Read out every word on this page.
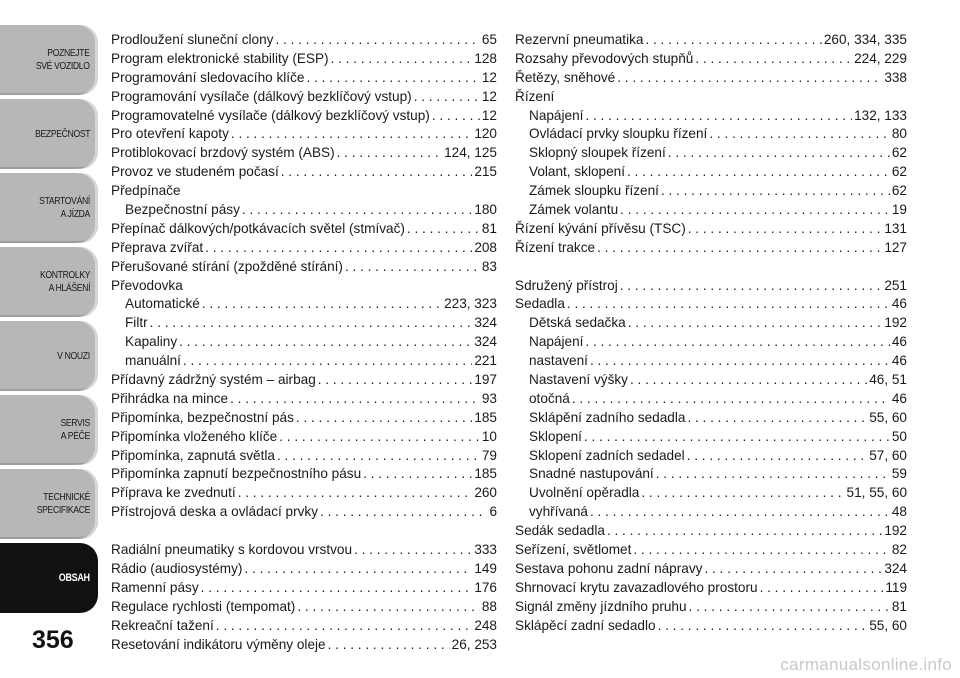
POZNEJTE
SVÉ VOZIDLO
BEZPEČNOST
STARTOVÁNÍ
A JÍZDA
KONTROLKY
A HLÁŠENÍ
V NOUZI
SERVIS
A PÉČE
TECHNICKÉ
SPECIFIKACE
OBSAH
356
Prodloužení sluneční clony . . .	65
Program elektronické stability (ESP) . . .	128
Programování sledovacího klíče . . .	12
Programování vysílače (dálkový bezklíčový vstup) . . .	12
Programovatelné vysílače (dálkový bezklíčový vstup) . . .	12
Pro otevření kapoty . . .	120
Protiblokovací brzdový systém (ABS) . . .	124, 125
Provoz ve studeném počasí . . .	215
Předpínače
Bezpečnostní pásy . . .	180
Přepínač dálkových/potkávacích světel (stmívač) . . .	81
Přeprava zvířat . . .	208
Přerušované stírání (zpožděné stírání) . . .	83
Převodovka
Automatické . . .	223, 323
Filtr . . .	324
Kapaliny . . .	324
manuální . . .	221
Přídavný zádržný systém – airbag . . .	197
Přihrádka na mince . . .	93
Připomínka, bezpečnostní pás . . .	185
Připomínka vloženého klíče . . .	10
Připomínka, zapnutá světla . . .	79
Připomínka zapnutí bezpečnostního pásu . . .	185
Příprava ke zvednutí . . .	260
Přístrojová deska a ovládací prvky . . .	6
Radiální pneumatiky s kordovou vrstvou . . .	333
Rádio (audiosystémy) . . .	149
Ramenní pásy . . .	176
Regulace rychlosti (tempomat) . . .	88
Rekreační tažení . . .	248
Resetování indikátoru výměny oleje . . .	26, 253
Rezervní pneumatika . . .	260, 334, 335
Rozsahy převodových stupňů . . .	224, 229
Řetězy, sněhové . . .	338
Řízení
Napájení . . .	132, 133
Ovládací prvky sloupku řízení . . .	80
Sklopný sloupek řízení . . .	62
Volant, sklopení . . .	62
Zámek sloupku řízení . . .	62
Zámek volantu . . .	19
Řízení kývání přívěsu (TSC) . . .	131
Řízení trakce . . .	127
Sdružený přístroj . . .	251
Sedadla . . .	46
Dětská sedačka . . .	192
Napájení . . .	46
nastavení . . .	46
Nastavení výšky . . .	46, 51
otočná . . .	46
Sklápění zadního sedadla . . .	55, 60
Sklopení . . .	50
Sklopení zadních sedadel . . .	57, 60
Snadné nastupování . . .	59
Uvolnění opěradla . . .	51, 55, 60
vyhřívaná . . .	48
Sedák sedadla . . .	192
Seřízení, světlomet . . .	82
Sestava pohonu zadní nápravy . . .	324
Shrnovací krytu zavazadlového prostoru . . .	119
Signál změny jízdního pruhu . . .	81
Sklápěcí zadní sedadlo . . .	55, 60
carmanualsonline.info
